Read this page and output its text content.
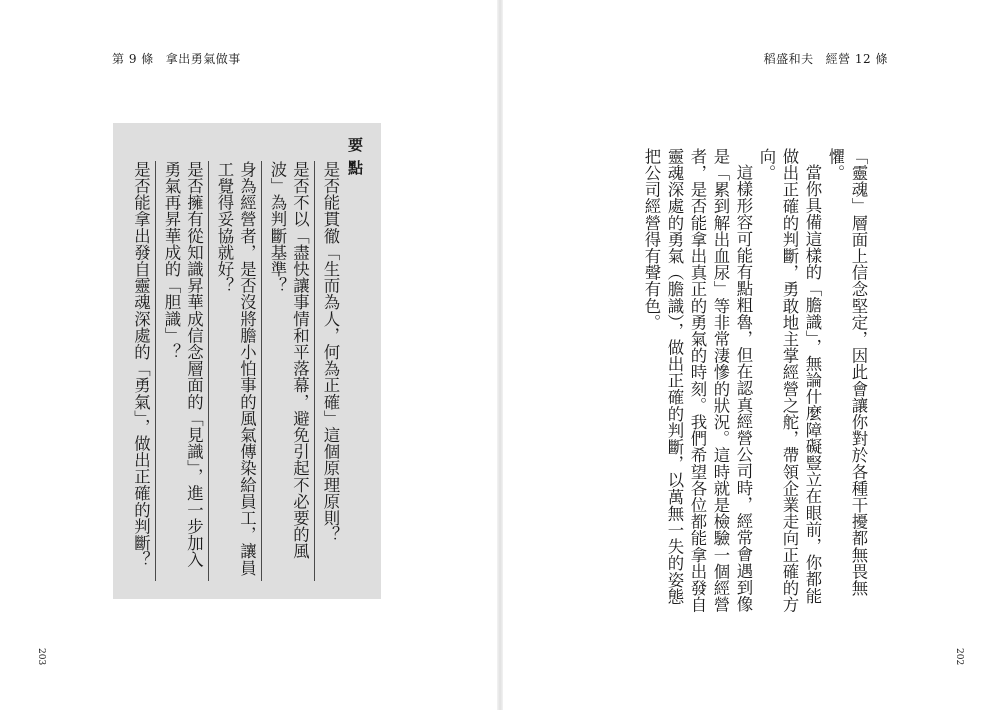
第 9 條 拿出勇氣做事
要點
是否能貫徹「生而為人，何為正確」這個原理原則？
是否不以「盡快讓事情和平落幕，避免引起不必要的風波」為判斷基準？
身為經營者，是否沒將膽小怕事的風氣傳染給員工，讓員工覺得妥協就好？
是否擁有從知識昇華成信念層面的「見識」，進一步加入勇氣再昇華成的「胆識」？
是否能拿出發自靈魂深處的「勇氣」，做出正確的判斷？
203
稻盛和夫 經營 12 條

「靈魂」層面上信念堅定，因此會讓你對於各種干擾都無畏無懼。

當你具備這樣的「膽識」，無論什麼障礙豎立在眼前，你都能做出正確的判斷，勇敢地主掌經營之舵，帶領企業走向正確的方向。

這樣形容可能有點粗魯，但在認真經營公司時，經常會遇到像是「累到解出血尿」等非常淒慘的狀況。這時就是檢驗一個經營者，是否能拿出真正的勇氣的時刻。我們希望各位都能拿出發自靈魂深處的勇氣（膽識），做出正確的判斷，以萬無一失的姿態把公司經營得有聲有色。

202
